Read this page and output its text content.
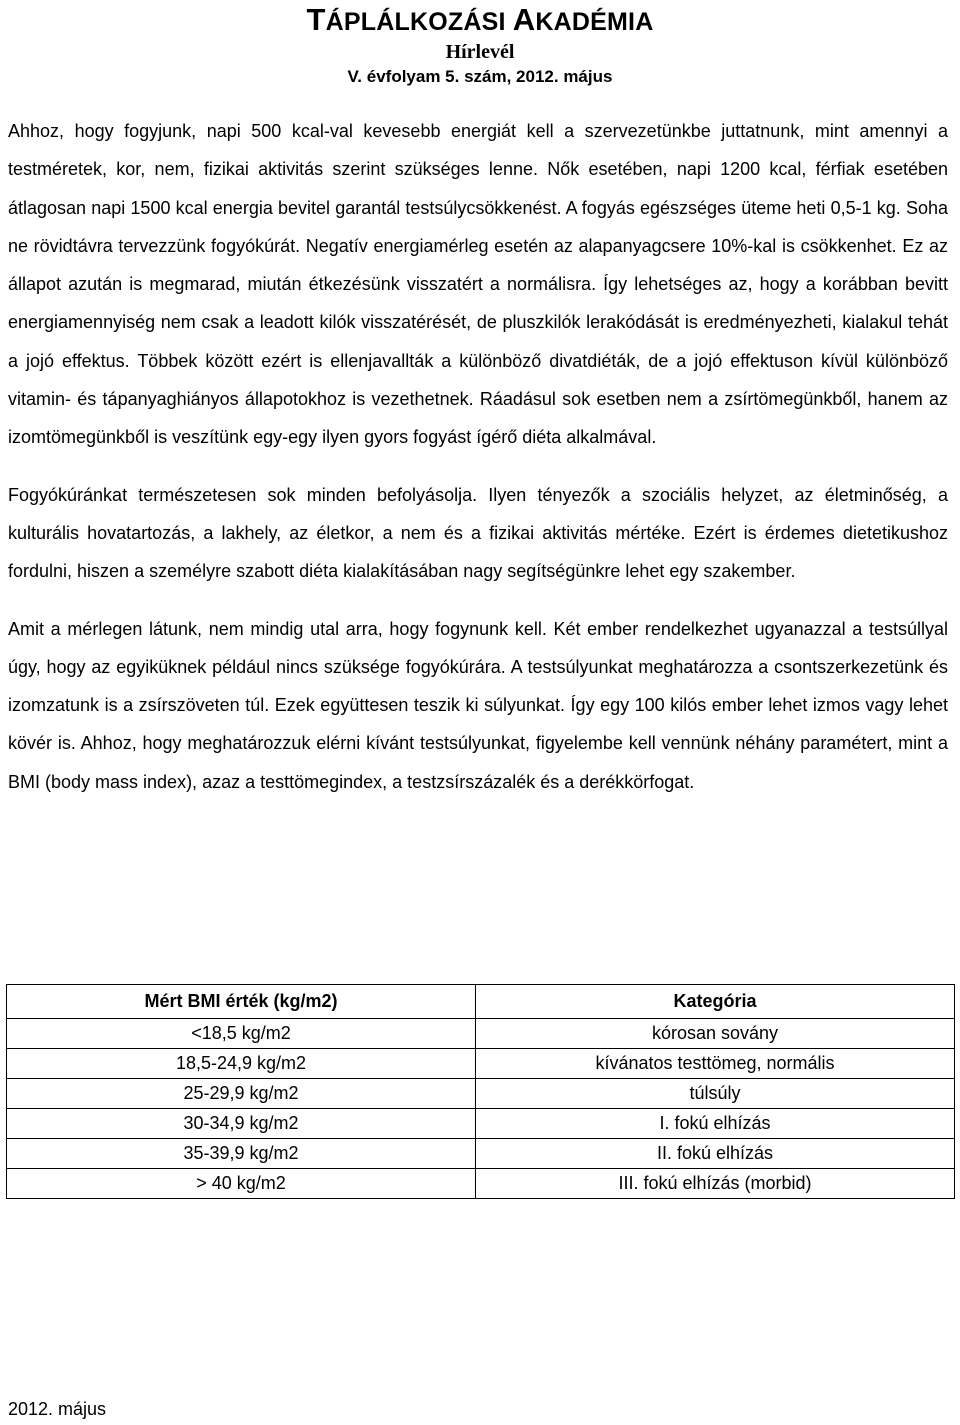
TÁPLÁLKOZÁSI AKADÉMIA

Hírlevél

V. évfolyam 5. szám, 2012. május

Ahhoz, hogy fogyjunk, napi 500 kcal-val kevesebb energiát kell a szervezetünkbe juttatnunk, mint amennyi a testméretek, kor, nem, fizikai aktivitás szerint szükséges lenne. Nők esetében, napi 1200 kcal, férfiak esetében átlagosan napi 1500 kcal energia bevitel garantál testsúlycsökkenést. A fogyás egészséges üteme heti 0,5-1 kg. Soha ne rövidtávra tervezzünk fogyókúrát. Negatív energiamérleg esetén az alapanyagcsere 10%-kal is csökkenhet. Ez az állapot azután is megmarad, miután étkezésünk visszatért a normálisra. Így lehetséges az, hogy a korábban bevitt energiamennyiség nem csak a leadott kilók visszatérését, de pluszkilók lerakódását is eredményezheti, kialakul tehát a jojó effektus. Többek között ezért is ellenjavallták a különböző divatdiéták, de a jojó effektuson kívül különböző vitamin- és tápanyaghiányos állapotokhoz is vezethetnek. Ráadásul sok esetben nem a zsírtömegünkből, hanem az izomtömegünkből is veszítünk egy-egy ilyen gyors fogyást ígérő diéta alkalmával.

Fogyókúránkat természetesen sok minden befolyásolja. Ilyen tényezők a szociális helyzet, az életminőség, a kulturális hovatartozás, a lakhely, az életkor, a nem és a fizikai aktivitás mértéke. Ezért is érdemes dietetikushoz fordulni, hiszen a személyre szabott diéta kialakításában nagy segítségünkre lehet egy szakember.

Amit a mérlegen látunk, nem mindig utal arra, hogy fogynunk kell. Két ember rendelkezhet ugyanazzal a testsúllyal úgy, hogy az egyiküknek például nincs szüksége fogyókúrára. A testsúlyunkat meghatározza a csontszerkezetünk és izomzatunk is a zsírszöveten túl. Ezek együttesen teszik ki súlyunkat. Így egy 100 kilós ember lehet izmos vagy lehet kövér is. Ahhoz, hogy meghatározzuk elérni kívánt testsúlyunkat, figyelembe kell vennünk néhány paramétert, mint a BMI (body mass index), azaz a testtömegindex, a testzsírszázalék és a derékkörfogat.

Mért BMI érték (kg/m2)	Kategória
<18,5 kg/m2	kórosan sovány
18,5-24,9 kg/m2	kívánatos testtömeg, normális
25-29,9 kg/m2	túlsúly
30-34,9 kg/m2	I. fokú elhízás
35-39,9 kg/m2	II. fokú elhízás
> 40 kg/m2	III. fokú elhízás (morbid)
2012. május
